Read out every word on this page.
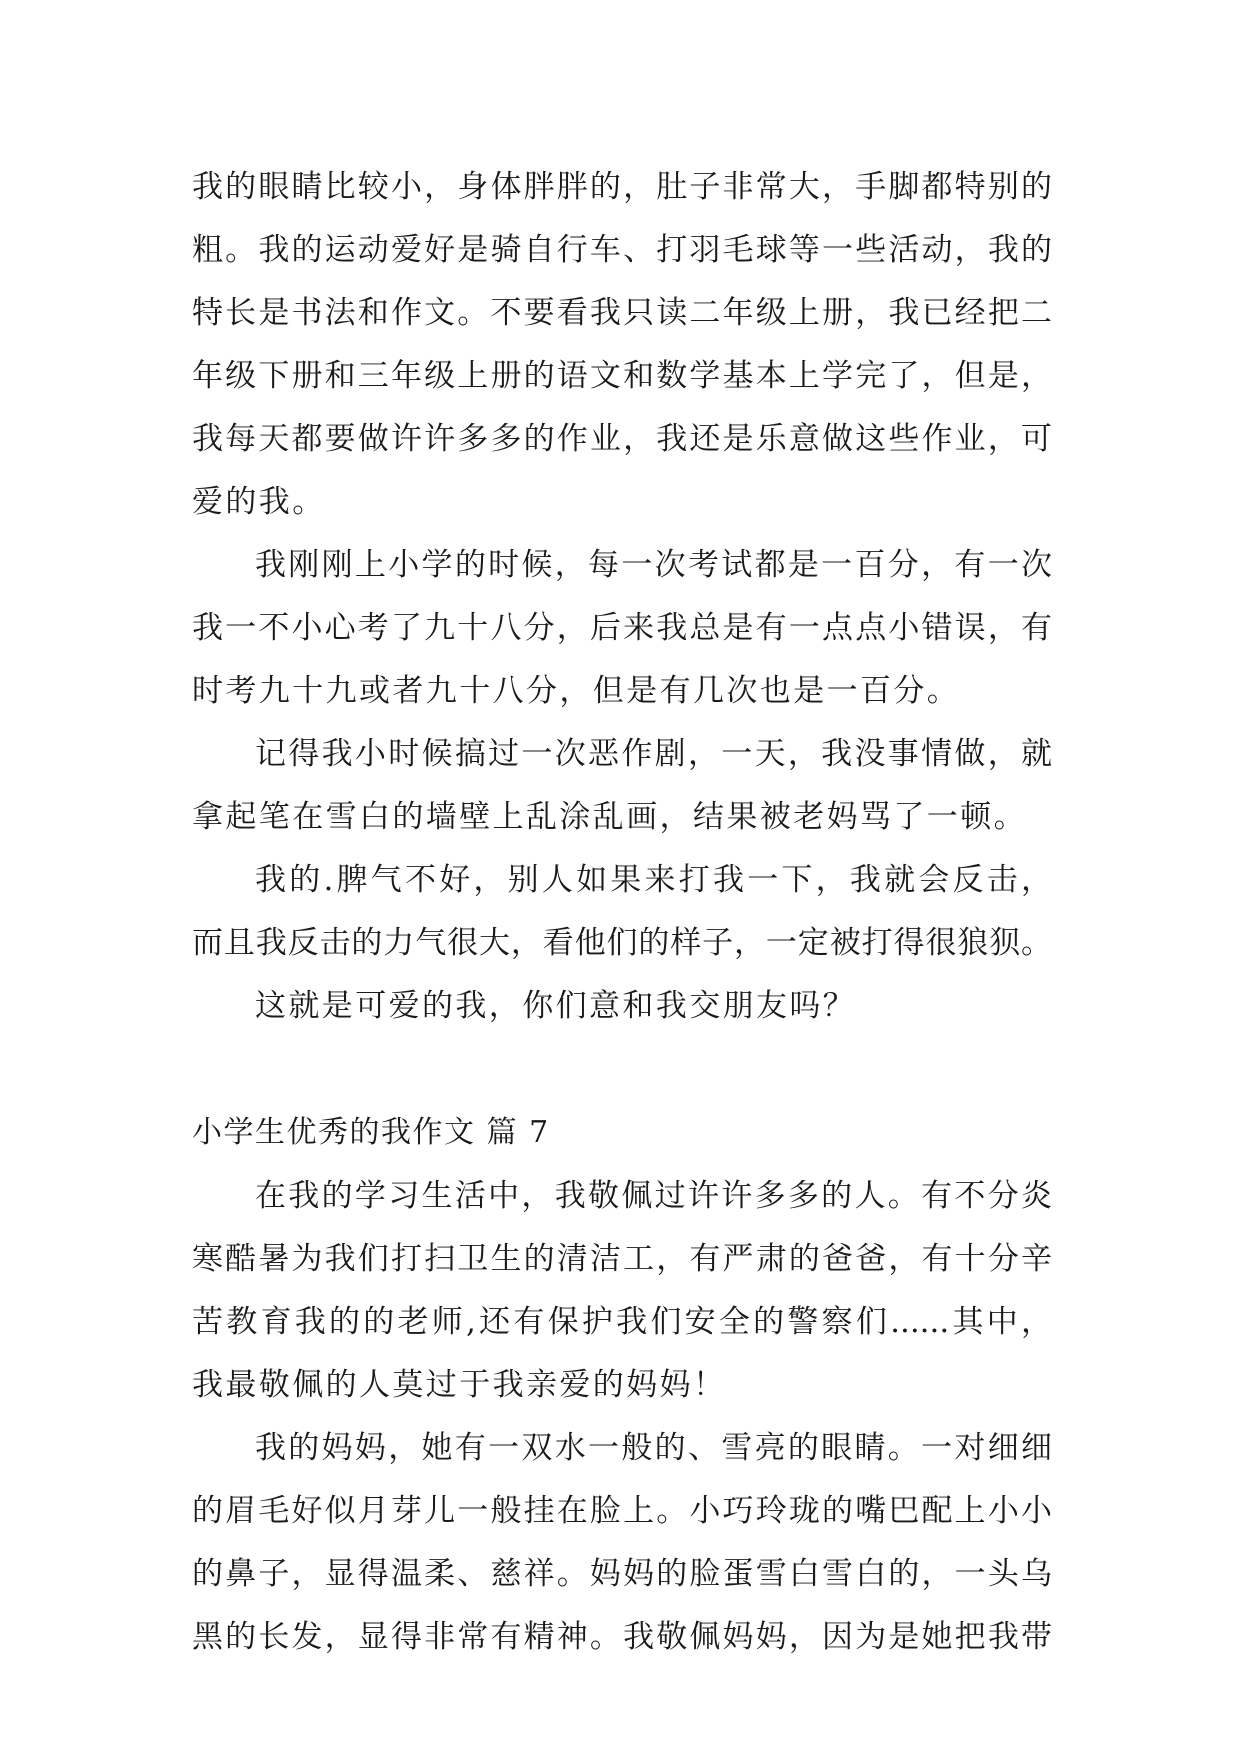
我的眼睛比较小，身体胖胖的，肚子非常大，手脚都特别的
粗。我的运动爱好是骑自行车、打羽毛球等一些活动，我的
特长是书法和作文。不要看我只读二年级上册，我已经把二
年级下册和三年级上册的语文和数学基本上学完了，但是，
我每天都要做许许多多的作业，我还是乐意做这些作业，可
爱的我。
我刚刚上小学的时候，每一次考试都是一百分，有一次
我一不小心考了九十八分，后来我总是有一点点小错误，有
时考九十九或者九十八分，但是有几次也是一百分。
记得我小时候搞过一次恶作剧，一天，我没事情做，就
拿起笔在雪白的墙壁上乱涂乱画，结果被老妈骂了一顿。
我的.脾气不好，别人如果来打我一下，我就会反击，
而且我反击的力气很大，看他们的样子，一定被打得很狼狈。
这就是可爱的我，你们意和我交朋友吗？
小学生优秀的我作文 篇 7
在我的学习生活中，我敬佩过许许多多的人。有不分炎
寒酷暑为我们打扫卫生的清洁工，有严肃的爸爸，有十分辛
苦教育我的的老师,还有保护我们安全的警察们......其中，
我最敬佩的人莫过于我亲爱的妈妈！
我的妈妈，她有一双水一般的、雪亮的眼睛。一对细细
的眉毛好似月芽儿一般挂在脸上。小巧玲珑的嘴巴配上小小
的鼻子，显得温柔、慈祥。妈妈的脸蛋雪白雪白的，一头乌
黑的长发，显得非常有精神。我敬佩妈妈，因为是她把我带
